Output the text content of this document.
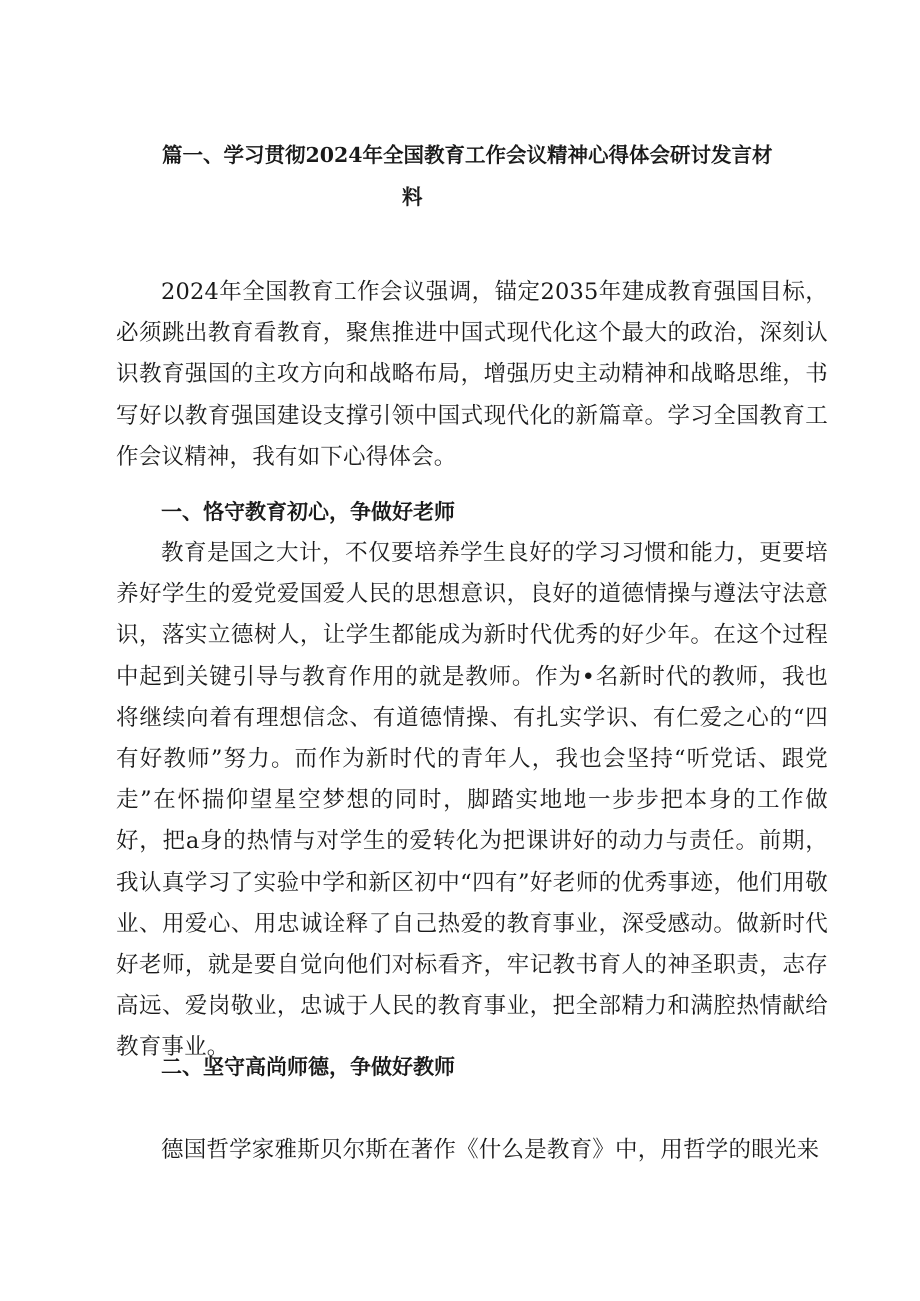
篇一、学习贯彻2024年全国教育工作会议精神心得体会研讨发言材
料

2024年全国教育工作会议强调，锚定2035年建成教育强国目标，必须跳出教育看教育，聚焦推进中国式现代化这个最大的政治，深刻认识教育强国的主攻方向和战略布局，增强历史主动精神和战略思维，书写好以教育强国建设支撑引领中国式现代化的新篇章。学习全国教育工作会议精神，我有如下心得体会。

一、恪守教育初心，争做好老师

教育是国之大计，不仅要培养学生良好的学习习惯和能力，更要培养好学生的爱党爱国爱人民的思想意识，良好的道德情操与遵法守法意识，落实立德树人，让学生都能成为新时代优秀的好少年。在这个过程中起到关键引导与教育作用的就是教师。作为•名新时代的教师，我也将继续向着有理想信念、有道德情操、有扎实学识、有仁爱之心的“四有好教师”努力。而作为新时代的青年人，我也会坚持“听党话、跟党走”在怀揣仰望星空梦想的同时，脚踏实地地一步步把本身的工作做好，把a身的热情与对学生的爱转化为把课讲好的动力与责任。前期，我认真学习了实验中学和新区初中“四有”好老师的优秀事迹，他们用敬业、用爱心、用忠诚诠释了自己热爱的教育事业，深受感动。做新时代好老师，就是要自觉向他们对标看齐，牢记教书育人的神圣职责，志存高远、爱岗敬业，忠诚于人民的教育事业，把全部精力和满腔热情献给教育事业。

二、坚守高尚师德，争做好教师

德国哲学家雅斯贝尔斯在著作《什么是教育》中，用哲学的眼光来
